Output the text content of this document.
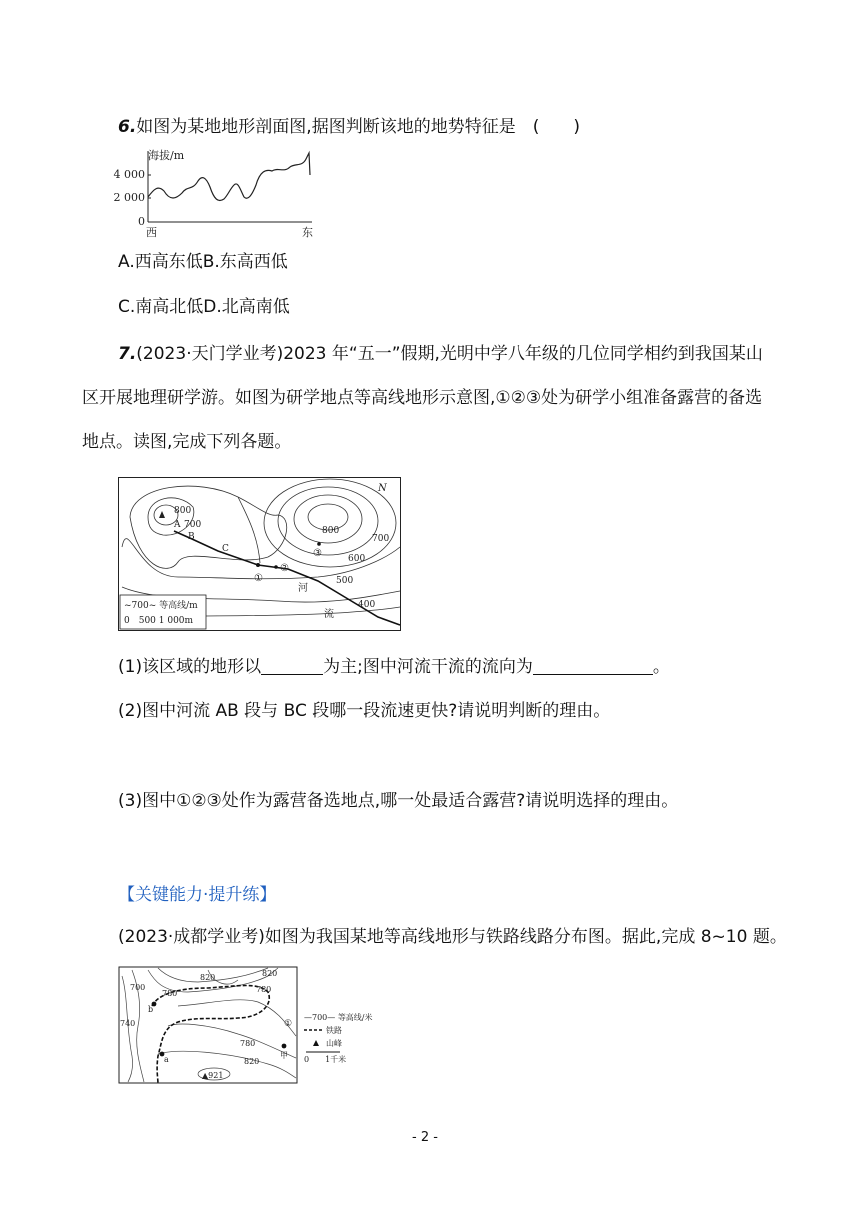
6.如图为某地地形剖面图,据图判断该地的地势特征是　 (　　)
海拔/m
4 000
2 000
0
西	东
A.西高东低B.东高西低
C.南高北低D.北高南低
7.(2023·天门学业考)2023 年“五一”假期,光明中学八年级的几位同学相约到我国某山
区开展地理研学游。如图为研学地点等高线地形示意图,①②③处为研学小组准备露营的备选
地点。读图,完成下列各题。
800
700
800
700
600
500
400
A
B
C
①
②
③
河
流
N
~700~ 等高线/m
0　500 1 000m
(1)该区域的地形以	为主;图中河流干流的流向为	。
(2)图中河流 AB 段与 BC 段哪一段流速更快?请说明判断的理由。
(3)图中①②③处作为露营备选地点,哪一处最适合露营?请说明选择的理由。
【关键能力·提升练】
(2023·成都学业考)如图为我国某地等高线地形与铁路线路分布图。据此,完成 8~10 题。
820	820
700
780	780
740
780
820
b
a	甲
①
▲921
—700— 等高线/米
铁路
山峰
0　　1千米
- 2 -
